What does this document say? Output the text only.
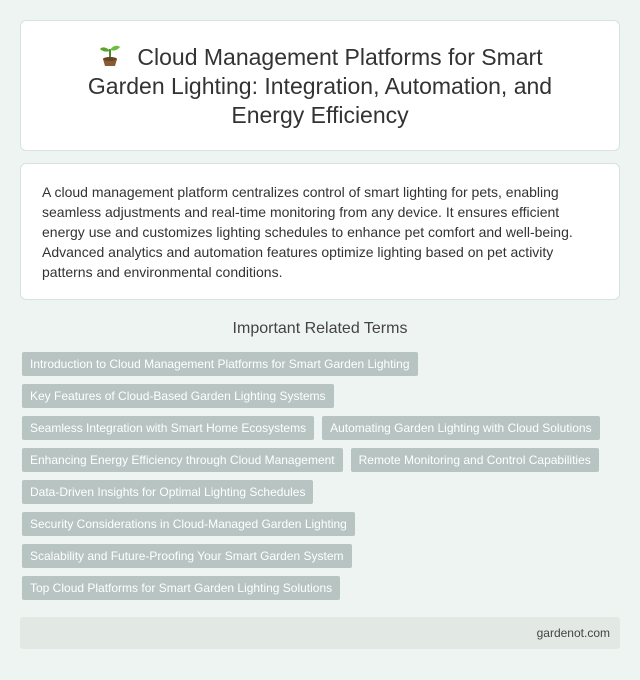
Cloud Management Platforms for Smart Garden Lighting: Integration, Automation, and Energy Efficiency

A cloud management platform centralizes control of smart lighting for pets, enabling seamless adjustments and real-time monitoring from any device. It ensures efficient energy use and customizes lighting schedules to enhance pet comfort and well-being. Advanced analytics and automation features optimize lighting based on pet activity patterns and environmental conditions.

Important Related Terms
Introduction to Cloud Management Platforms for Smart Garden Lighting
Key Features of Cloud-Based Garden Lighting Systems
Seamless Integration with Smart Home Ecosystems	Automating Garden Lighting with Cloud Solutions
Enhancing Energy Efficiency through Cloud Management	Remote Monitoring and Control Capabilities
Data-Driven Insights for Optimal Lighting Schedules
Security Considerations in Cloud-Managed Garden Lighting
Scalability and Future-Proofing Your Smart Garden System
Top Cloud Platforms for Smart Garden Lighting Solutions
gardenot.com
